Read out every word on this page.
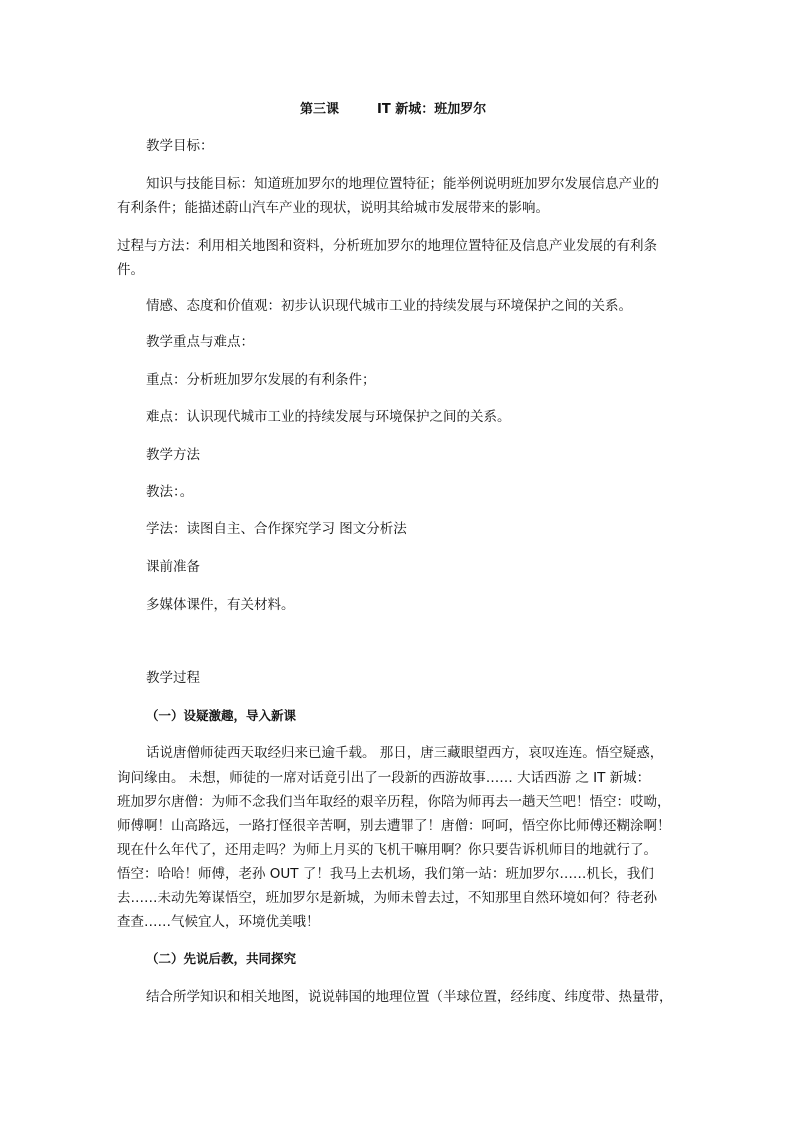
第三课	IT 新城：班加罗尔
教学目标：
知识与技能目标：知道班加罗尔的地理位置特征；能举例说明班加罗尔发展信息产业的
有利条件；能描述蔚山汽车产业的现状，说明其给城市发展带来的影响。
过程与方法：利用相关地图和资料，分析班加罗尔的地理位置特征及信息产业发展的有利条
件。
情感、态度和价值观：初步认识现代城市工业的持续发展与环境保护之间的关系。
教学重点与难点：
重点：分析班加罗尔发展的有利条件；
难点：认识现代城市工业的持续发展与环境保护之间的关系。
教学方法
教法：。
学法：读图自主、合作探究学习 图文分析法
课前准备
多媒体课件，有关材料。
教学过程
（一）设疑激趣，导入新课
话说唐僧师徒西天取经归来已逾千载。 那日，唐三藏眼望西方，哀叹连连。悟空疑惑，
询问缘由。 未想，师徒的一席对话竟引出了一段新的西游故事…… 大话西游 之 IT 新城：
班加罗尔唐僧：为师不念我们当年取经的艰辛历程，你陪为师再去一趟天竺吧！悟空：哎呦，
师傅啊！山高路远，一路打怪很辛苦啊，别去遭罪了！唐僧：呵呵，悟空你比师傅还糊涂啊！
现在什么年代了，还用走吗？为师上月买的飞机干嘛用啊？你只要告诉机师目的地就行了。
悟空：哈哈！师傅，老孙 OUT 了！我马上去机场，我们第一站：班加罗尔……机长，我们
去……未动先筹谋悟空，班加罗尔是新城，为师未曾去过，不知那里自然环境如何？待老孙
查查……气候宜人，环境优美哦！
（二）先说后教，共同探究
结合所学知识和相关地图，说说韩国的地理位置（半球位置，经纬度、纬度带、热量带，
